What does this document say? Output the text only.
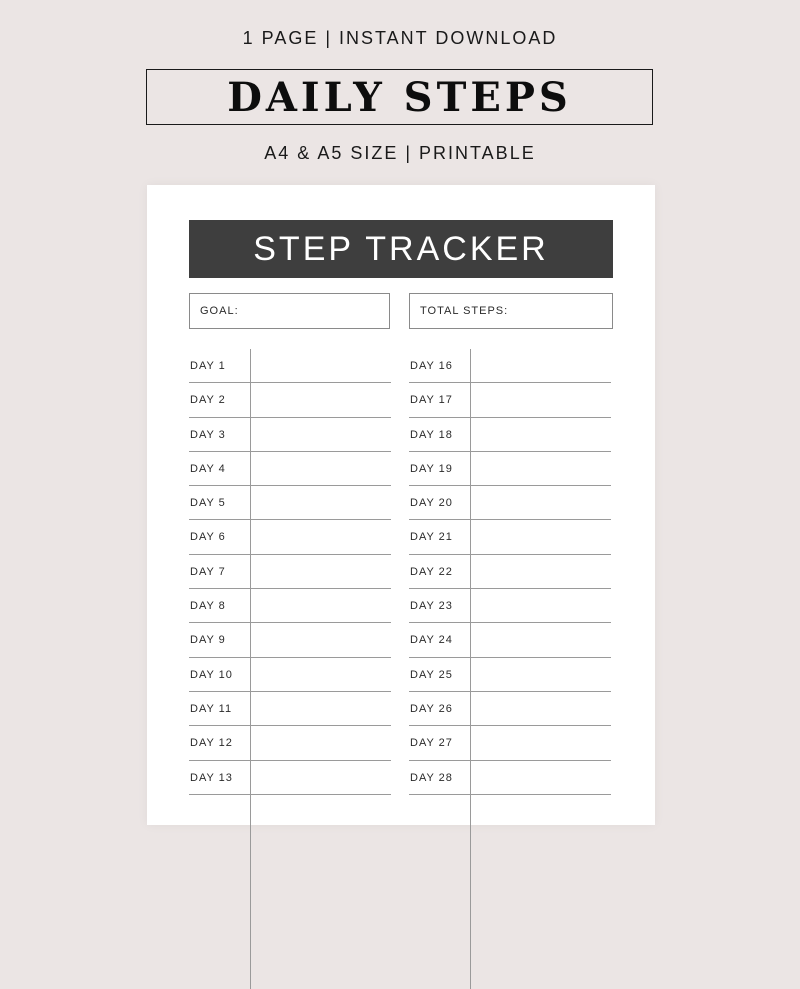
1 PAGE | INSTANT DOWNLOAD
DAILY STEPS
A4 & A5 SIZE | PRINTABLE
STEP TRACKER
GOAL:	TOTAL STEPS:
DAY 1
DAY 2
DAY 3
DAY 4
DAY 5
DAY 6
DAY 7
DAY 8
DAY 9
DAY 10
DAY 11
DAY 12
DAY 13
DAY 16
DAY 17
DAY 18
DAY 19
DAY 20
DAY 21
DAY 22
DAY 23
DAY 24
DAY 25
DAY 26
DAY 27
DAY 28
